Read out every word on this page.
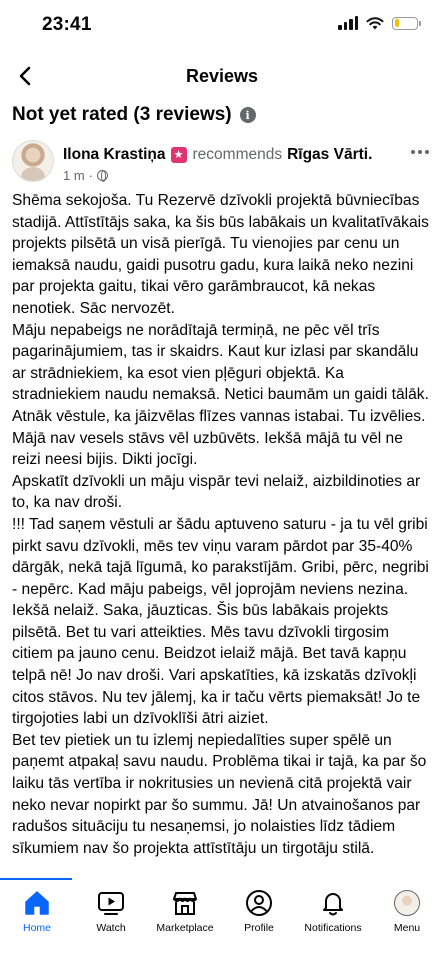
23:41
Reviews
Not yet rated (3 reviews)	i
Ilona Krastiņa ★ recommends Rīgas Vārti.
1 m ·

Shēma sekojoša. Tu Rezervē dzīvokli projektā būvniecības stadijā. Attīstītājs saka, ka šis būs labākais un kvalitatīvākais projekts pilsētā un visā pierīgā. Tu vienojies par cenu un iemaksā naudu, gaidi pusotru gadu, kura laikā neko nezini par projekta gaitu, tikai vēro garāmbraucot, kā nekas nenotiek. Sāc nervozēt.

Māju nepabeigs ne norādītajā termiņā, ne pēc vēl trīs pagarinājumiem, tas ir skaidrs. Kaut kur izlasi par skandālu ar strādniekiem, ka esot vien pļēguri objektā. Ka stradniekiem naudu nemaksā. Netici baumām un gaidi tālāk.

Atnāk vēstule, ka jāizvēlas flīzes vannas istabai. Tu izvēlies. Mājā nav vesels stāvs vēl uzbūvēts. Iekšā mājā tu vēl ne reizi neesi bijis. Dikti jocīgi.

Apskatīt dzīvokli un māju vispār tevi nelaiž, aizbildinoties ar to, ka nav droši.

!!! Tad saņem vēstuli ar šādu aptuveno saturu - ja tu vēl gribi pirkt savu dzīvokli, mēs tev viņu varam pārdot par 35-40% dārgāk, nekā tajā līgumā, ko parakstījām. Gribi, pērc, negribi - nepērc. Kad māju pabeigs, vēl joprojām neviens nezina. Iekšā nelaiž. Saka, jāuzticas. Šis būs labākais projekts pilsētā. Bet tu vari atteikties. Mēs tavu dzīvokli tirgosim citiem pa jauno cenu. Beidzot ielaiž mājā. Bet tavā kapņu telpā nē! Jo nav droši. Vari apskatīties, kā izskatās dzīvokļi citos stāvos. Nu tev jālemj, ka ir taču vērts piemaksāt! Jo te tirgojoties labi un dzīvoklīši ātri aiziet.

Bet tev pietiek un tu izlemj nepiedalīties super spēlē un paņemt atpakaļ savu naudu. Problēma tikai ir tajā, ka par šo laiku tās vertība ir nokritusies un nevienā citā projektā vair neko nevar nopirkt par šo summu. Jā! Un atvainošanos par radušos situāciju tu nesaņemsi, jo nolaisties līdz tādiem sīkumiem nav šo projekta attīstītāju un tirgotāju stilā.

Home	Watch	Marketplace	Profile	Notifications	Menu
